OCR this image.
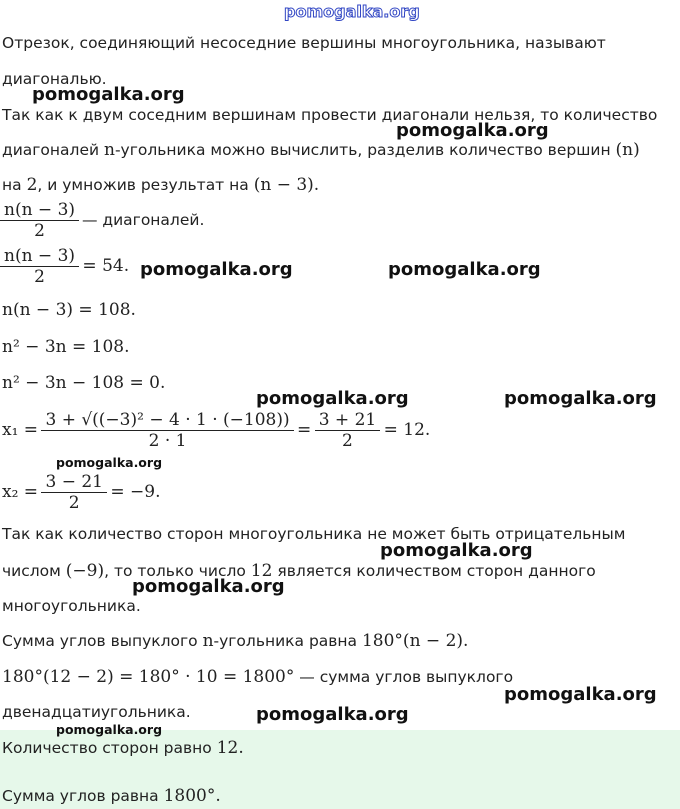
pomogalka.org
Отрезок, соединяющий несоседние вершины многоугольника, называют
диагональю.
Так как к двум соседним вершинам провести диагонали нельзя, то количество
диагоналей n-угольника можно вычислить, разделив количество вершин (n)
на 2, и умножив результат на (n − 3).
$\frac{n(n - 3)}{2}$ — диагоналей.
$\frac{n(n - 3)}{2} = 54$.
n(n − 3) = 108.
n² − 3n = 108.
n² − 3n − 108 = 0.
$x_1 = \frac{\text{3 + √((−3)² − 4 · 1 · (−108))}}{2 \cdot 1} = \frac{3 + 21}{2} = 12$.
$x_2 = \frac{3 - 21}{2} = -9$.
Так как количество сторон многоугольника не может быть отрицательным
числом (−9), то только число 12 является количеством сторон данного
многоугольника.
Сумма углов выпуклого n-угольника равна 180°(n − 2).
180°(12 − 2) = 180° · 10 = 1800° — сумма углов выпуклого
двенадцатиугольника.
Количество сторон равно 12.
Сумма углов равна 1800°.
pomogalka.org
pomogalka.org
pomogalka.org	pomogalka.org
pomogalka.org	pomogalka.org
pomogalka.org
pomogalka.org
pomogalka.org
pomogalka.org
pomogalka.org
pomogalka.org
